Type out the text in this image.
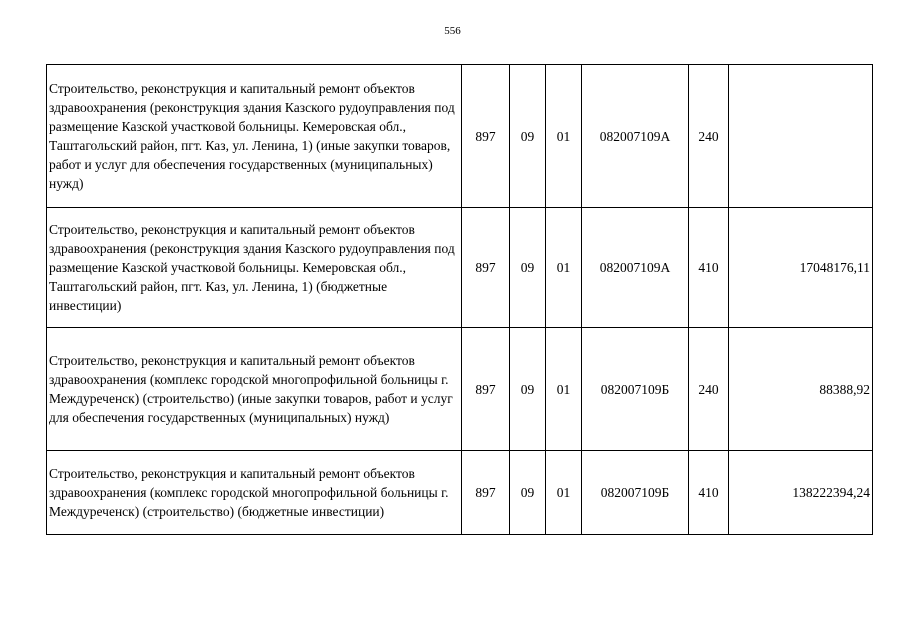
556
Строительство, реконструкция и капитальный ремонт объектов здравоохранения (реконструкция здания Казского рудоуправления под размещение Казской участковой больницы. Кемеровская обл., Таштагольский район, пгт. Каз, ул. Ленина, 1) (иные закупки товаров, работ и услуг для обеспечения государственных (муниципальных) нужд)	897	09	01	082007109А	240	
Строительство, реконструкция и капитальный ремонт объектов здравоохранения (реконструкция здания Казского рудоуправления под размещение Казской участковой больницы. Кемеровская обл., Таштагольский район, пгт. Каз, ул. Ленина, 1) (бюджетные инвестиции)	897	09	01	082007109А	410	17048176,11
Строительство, реконструкция и капитальный ремонт объектов здравоохранения (комплекс городской многопрофильной больницы г. Междуреченск) (строительство) (иные закупки товаров, работ и услуг для обеспечения государственных (муниципальных) нужд)	897	09	01	082007109Б	240	88388,92
Строительство, реконструкция и капитальный ремонт объектов здравоохранения (комплекс городской многопрофильной больницы г. Междуреченск) (строительство) (бюджетные инвестиции)	897	09	01	082007109Б	410	138222394,24
